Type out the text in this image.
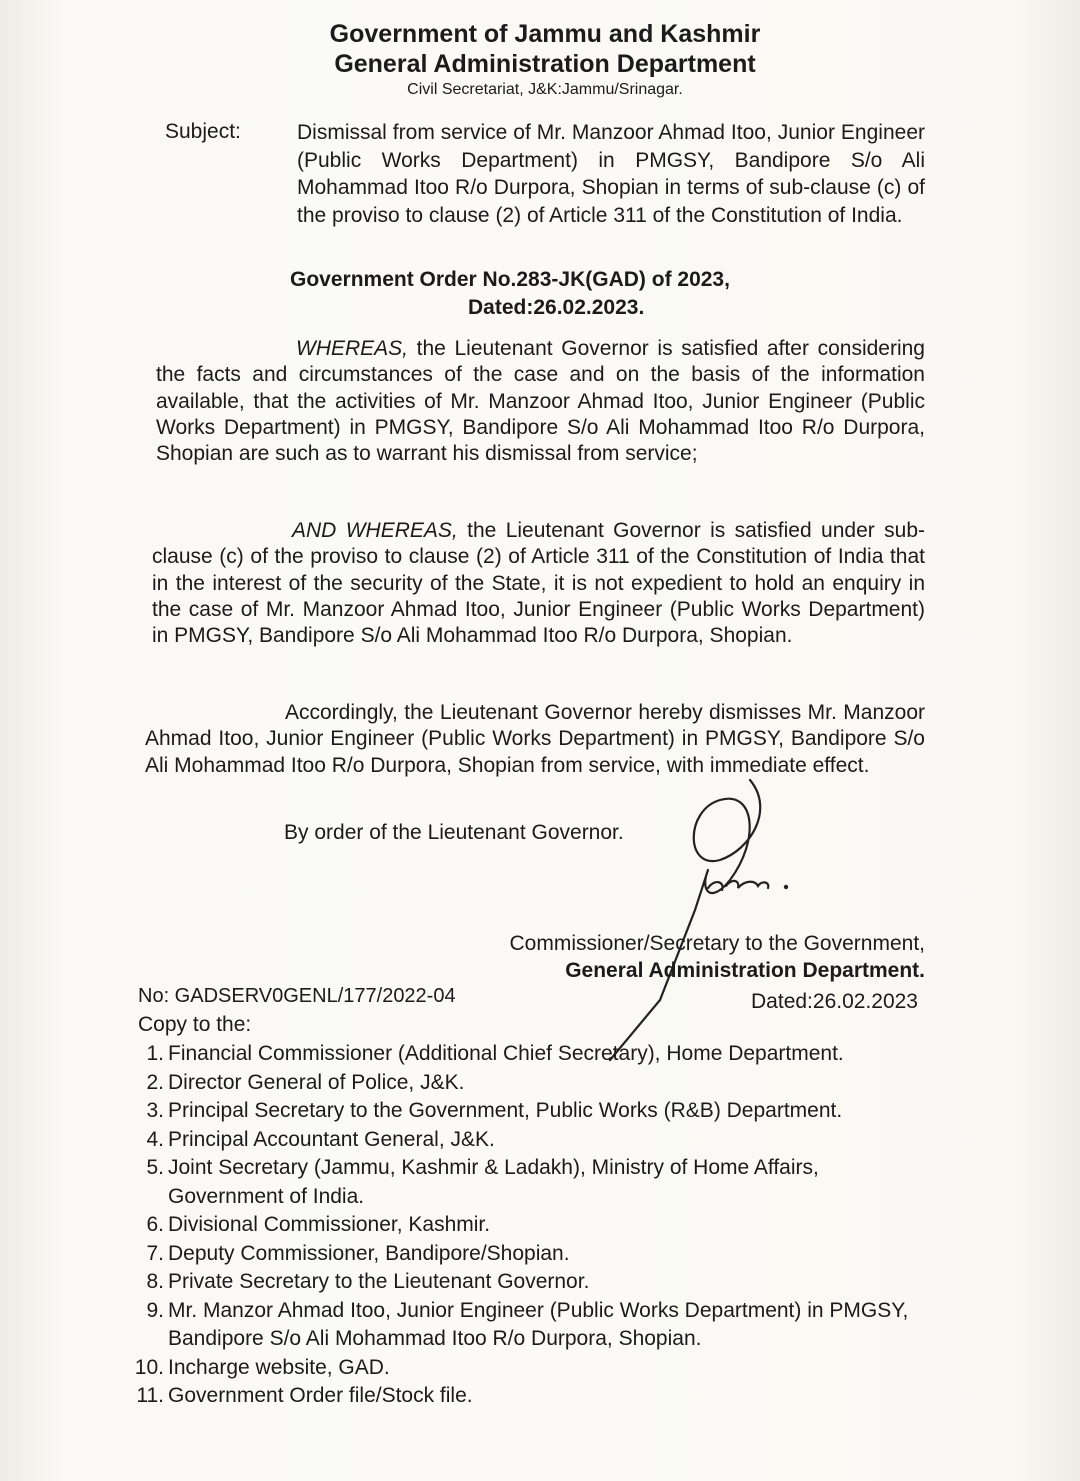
Government of Jammu and Kashmir
General Administration Department
Civil Secretariat, J&K:Jammu/Srinagar.
Subject:	Dismissal from service of Mr. Manzoor Ahmad Itoo, Junior Engineer (Public Works Department) in PMGSY, Bandipore S/o Ali Mohammad Itoo R/o Durpora, Shopian in terms of sub-clause (c) of the proviso to clause (2) of Article 311 of the Constitution of India.
Government Order No.283-JK(GAD) of 2023,
Dated:26.02.2023.
WHEREAS, the Lieutenant Governor is satisfied after considering the facts and circumstances of the case and on the basis of the information available, that the activities of Mr. Manzoor Ahmad Itoo, Junior Engineer (Public Works Department) in PMGSY, Bandipore S/o Ali Mohammad Itoo R/o Durpora, Shopian are such as to warrant his dismissal from service;
AND WHEREAS, the Lieutenant Governor is satisfied under sub-clause (c) of the proviso to clause (2) of Article 311 of the Constitution of India that in the interest of the security of the State, it is not expedient to hold an enquiry in the case of Mr. Manzoor Ahmad Itoo, Junior Engineer (Public Works Department) in PMGSY, Bandipore S/o Ali Mohammad Itoo R/o Durpora, Shopian.
Accordingly, the Lieutenant Governor hereby dismisses Mr. Manzoor Ahmad Itoo, Junior Engineer (Public Works Department) in PMGSY, Bandipore S/o Ali Mohammad Itoo R/o Durpora, Shopian from service, with immediate effect.
By order of the Lieutenant Governor.
Commissioner/Secretary to the Government,
General Administration Department.
No: GADSERV0GENL/177/2022-04	Dated:26.02.2023
Copy to the:
1. Financial Commissioner (Additional Chief Secretary), Home Department.
2. Director General of Police, J&K.
3. Principal Secretary to the Government, Public Works (R&B) Department.
4. Principal Accountant General, J&K.
5. Joint Secretary (Jammu, Kashmir & Ladakh), Ministry of Home Affairs, Government of India.
6. Divisional Commissioner, Kashmir.
7. Deputy Commissioner, Bandipore/Shopian.
8. Private Secretary to the Lieutenant Governor.
9. Mr. Manzor Ahmad Itoo, Junior Engineer (Public Works Department) in PMGSY, Bandipore S/o Ali Mohammad Itoo R/o Durpora, Shopian.
10. Incharge website, GAD.
11. Government Order file/Stock file.
